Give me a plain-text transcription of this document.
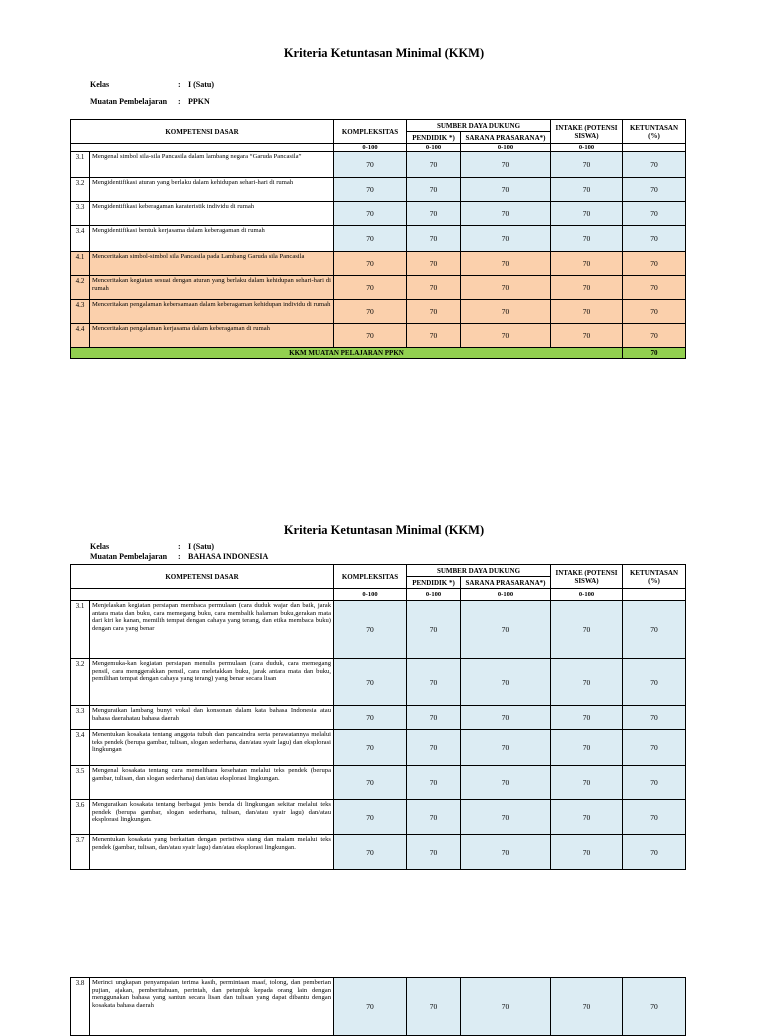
Kriteria Ketuntasan Minimal (KKM)
Kelas	: I (Satu)
Muatan Pembelajaran : PPKN
KOMPETENSI DASAR		KOMPLEKSITAS	SUMBER DAYA DUKUNG		INTAKE (POTENSI SISWA)	KETUNTASAN (%)
			PENDIDIK *)	SARANA PRASARANA*)		
		0-100	0-100	0-100	0-100	
3.1	Mengenal simbol sila-sila Pancasila dalam lambang negara “Garuda Pancasila”	70	70	70	70	70
3.2	Mengidentifikasi aturan yang berlaku dalam kehidupan sehari-hari di rumah	70	70	70	70	70
3.3	Mengidentifikasi keberagaman karateristik individu di rumah	70	70	70	70	70
3.4	Mengidentifikasi bentuk kerjasama dalam keberagaman di rumah	70	70	70	70	70
4.1	Menceritakan simbol-simbol sila Pancasila pada Lambang Garuda sila Pancasila	70	70	70	70	70
4.2	Menceritakan kegiatan sesuai dengan aturan yang berlaku dalam kehidupan sehari-hari di rumah	70	70	70	70	70
4.3	Menceritakan pengalaman kebersamaan dalam keberagaman kehidupan individu di rumah	70	70	70	70	70
4.4	Menceritakan pengalaman kerjasama dalam keberagaman di rumah	70	70	70	70	70
KKM MUATAN PELAJARAN PPKN						70
Kriteria Ketuntasan Minimal (KKM)
Kelas	: I (Satu)
Muatan Pembelajaran : BAHASA INDONESIA
KOMPETENSI DASAR		KOMPLEKSITAS	SUMBER DAYA DUKUNG		INTAKE (POTENSI SISWA)	KETUNTASAN (%)
			PENDIDIK *)	SARANA PRASARANA*)		
		0-100	0-100	0-100	0-100	
3.1	Menjelaskan kegiatan persiapan membaca permulaan (cara duduk wajar dan baik, jarak antara mata dan buku, cara memegang buku, cara membalik halaman buku,gerakan mata dari kiri ke kanan, memilih tempat dengan cahaya yang terang, dan etika membaca buku) dengan cara yang benar	70	70	70	70	70
3.2	Mengemuka-kan kegiatan persiapan menulis permulaan (cara duduk, cara memegang pensil, cara menggerakkan pensil, cara meletakkan buku, jarak antara mata dan buku, pemilihan tempat dengan cahaya yang terang) yang benar secara lisan	70	70	70	70	70
3.3	Menguraikan lambang bunyi vokal dan konsonan dalam kata bahasa Indonesia atau bahasa daerahatau bahasa daerah	70	70	70	70	70
3.4	Menentukan kosakata tentang anggota tubuh dan pancaindra serta perawatannya melalui teks pendek (berupa gambar, tulisan, slogan sederhana, dan/atau syair lagu) dan eksplorasi lingkungan	70	70	70	70	70
3.5	Mengenal kosakata tentang cara memelihara kesehatan melalui teks pendek (berupa gambar, tulisan, dan slogan sederhana) dan/atau eksplorasi lingkungan.	70	70	70	70	70
3.6	Menguraikan kosakata tentang berbagai jenis benda di lingkungan sekitar melalui teks pendek (berupa gambar, slogan sederhana, tulisan, dan/atau syair lagu) dan/atau eksplorasi lingkungan.	70	70	70	70	70
3.7	Menentukan kosakata yang berkaitan dengan peristiwa siang dan malam melalui teks pendek (gambar, tulisan, dan/atau syair lagu) dan/atau eksplorasi lingkungan.	70	70	70	70	70
3.8	Merinci ungkapan penyampaian terima kasih, permintaan maaf, tolong, dan pemberian pujian, ajakan, pemberitahuan, perintah, dan petunjuk kepada orang lain dengan menggunakan bahasa yang santun secara lisan dan tulisan yang dapat dibantu dengan kosakata bahasa daerah	70	70	70	70	70
